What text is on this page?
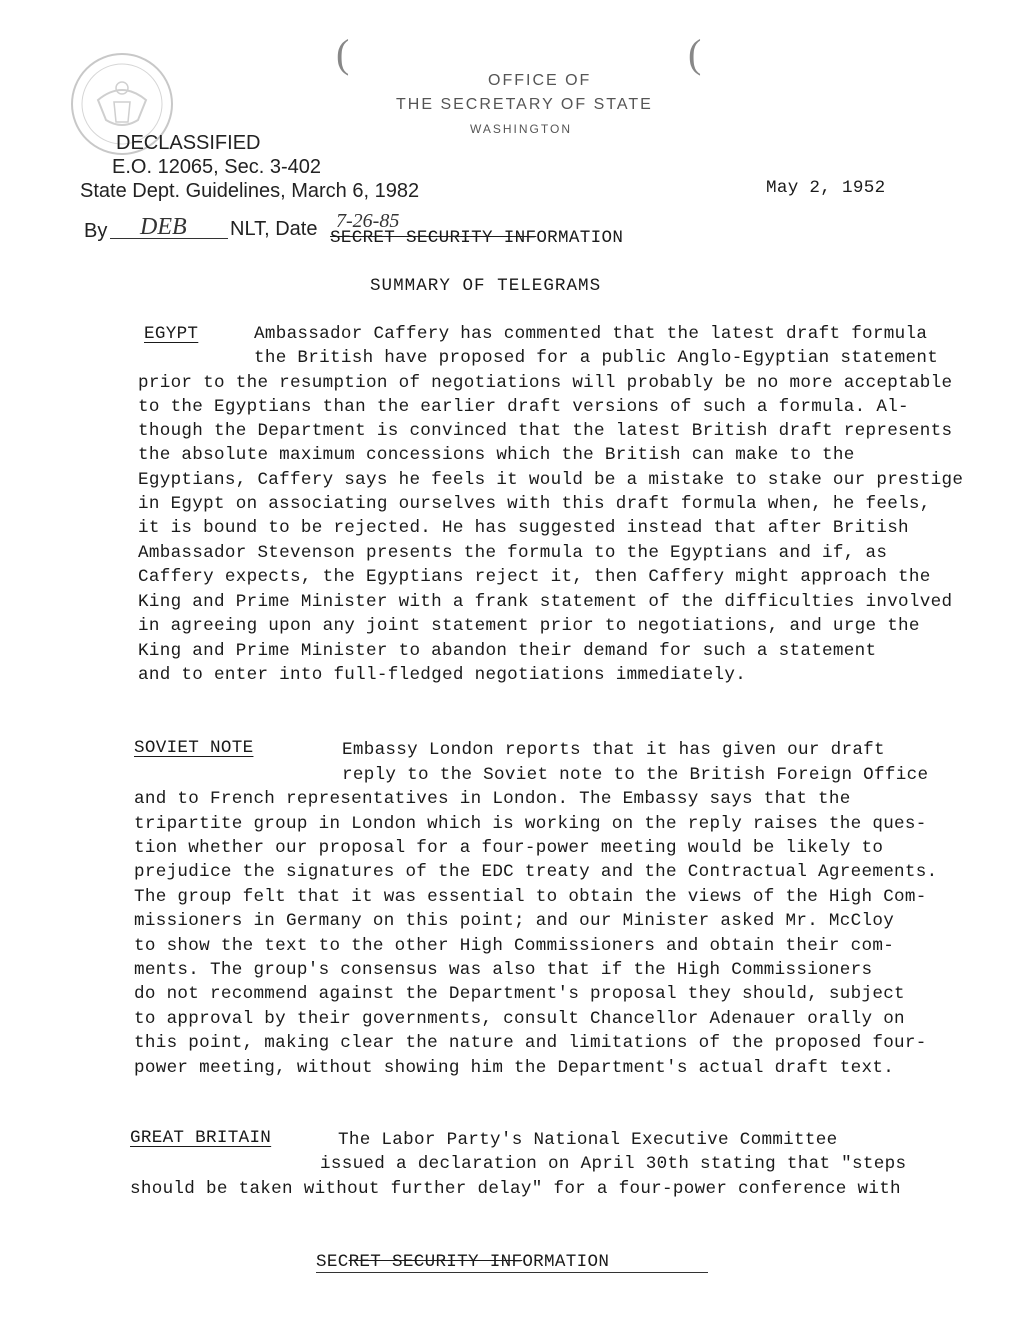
(	(
OFFICE OF
THE SECRETARY OF STATE
WASHINGTON
DECLASSIFIED
E.O. 12065, Sec. 3-402
State Dept. Guidelines, March 6, 1982
By DEB NLT, Date 7-26-85
May 2, 1952
SECRET SECURITY INFORMATION
SUMMARY OF TELEGRAMS
EGYPT	Ambassador Caffery has commented that the latest draft formula
the British have proposed for a public Anglo-Egyptian statement
prior to the resumption of negotiations will probably be no more acceptable
to the Egyptians than the earlier draft versions of such a formula. Al-
though the Department is convinced that the latest British draft represents
the absolute maximum concessions which the British can make to the
Egyptians, Caffery says he feels it would be a mistake to stake our prestige
in Egypt on associating ourselves with this draft formula when, he feels,
it is bound to be rejected. He has suggested instead that after British
Ambassador Stevenson presents the formula to the Egyptians and if, as
Caffery expects, the Egyptians reject it, then Caffery might approach the
King and Prime Minister with a frank statement of the difficulties involved
in agreeing upon any joint statement prior to negotiations, and urge the
King and Prime Minister to abandon their demand for such a statement
and to enter into full-fledged negotiations immediately.
SOVIET NOTE	Embassy London reports that it has given our draft
reply to the Soviet note to the British Foreign Office
and to French representatives in London. The Embassy says that the
tripartite group in London which is working on the reply raises the ques-
tion whether our proposal for a four-power meeting would be likely to
prejudice the signatures of the EDC treaty and the Contractual Agreements.
The group felt that it was essential to obtain the views of the High Com-
missioners in Germany on this point; and our Minister asked Mr. McCloy
to show the text to the other High Commissioners and obtain their com-
ments. The group's consensus was also that if the High Commissioners
do not recommend against the Department's proposal they should, subject
to approval by their governments, consult Chancellor Adenauer orally on
this point, making clear the nature and limitations of the proposed four-
power meeting, without showing him the Department's actual draft text.
GREAT BRITAIN	The Labor Party's National Executive Committee
issued a declaration on April 30th stating that "steps
should be taken without further delay" for a four-power conference with
SECRET SECURITY INFORMATION
